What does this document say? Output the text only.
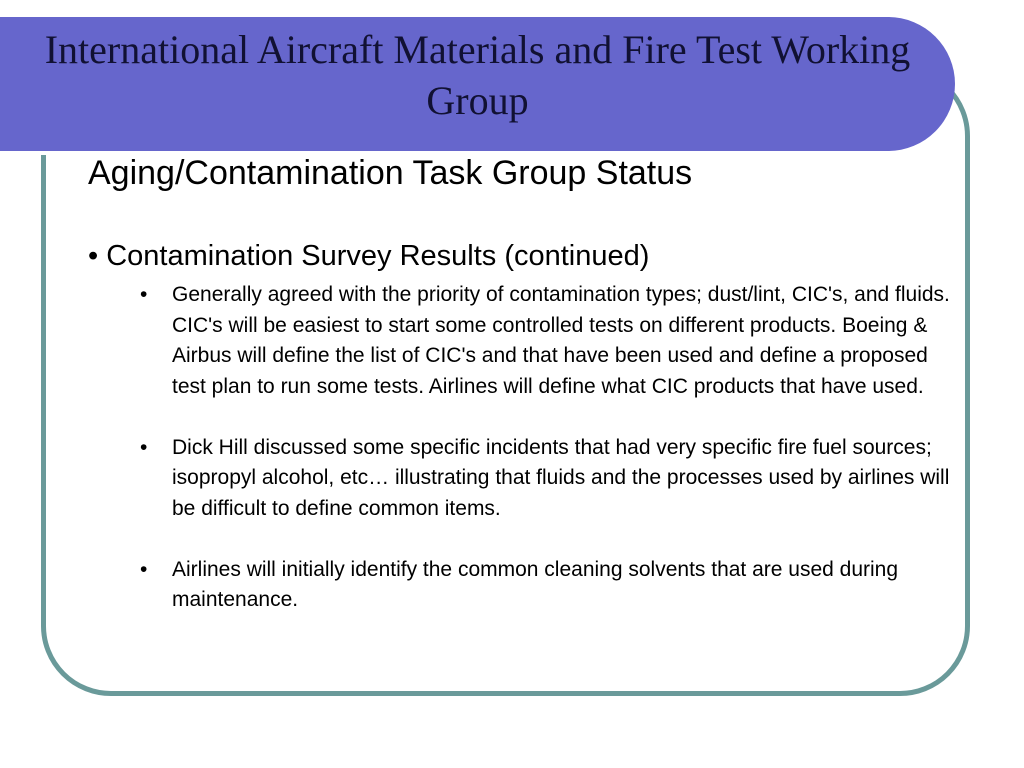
International Aircraft Materials and Fire Test Working Group
Aging/Contamination Task Group Status
• Contamination Survey Results (continued)
• Generally agreed with the priority of contamination types; dust/lint, CIC's, and fluids. CIC's will be easiest to start some controlled tests on different products. Boeing & Airbus will define the list of CIC's and that have been used and define a proposed test plan to run some tests. Airlines will define what CIC products that have used.
• Dick Hill discussed some specific incidents that had very specific fire fuel sources; isopropyl alcohol, etc… illustrating that fluids and the processes used by airlines will be difficult to define common items.
• Airlines will initially identify the common cleaning solvents that are used during maintenance.
